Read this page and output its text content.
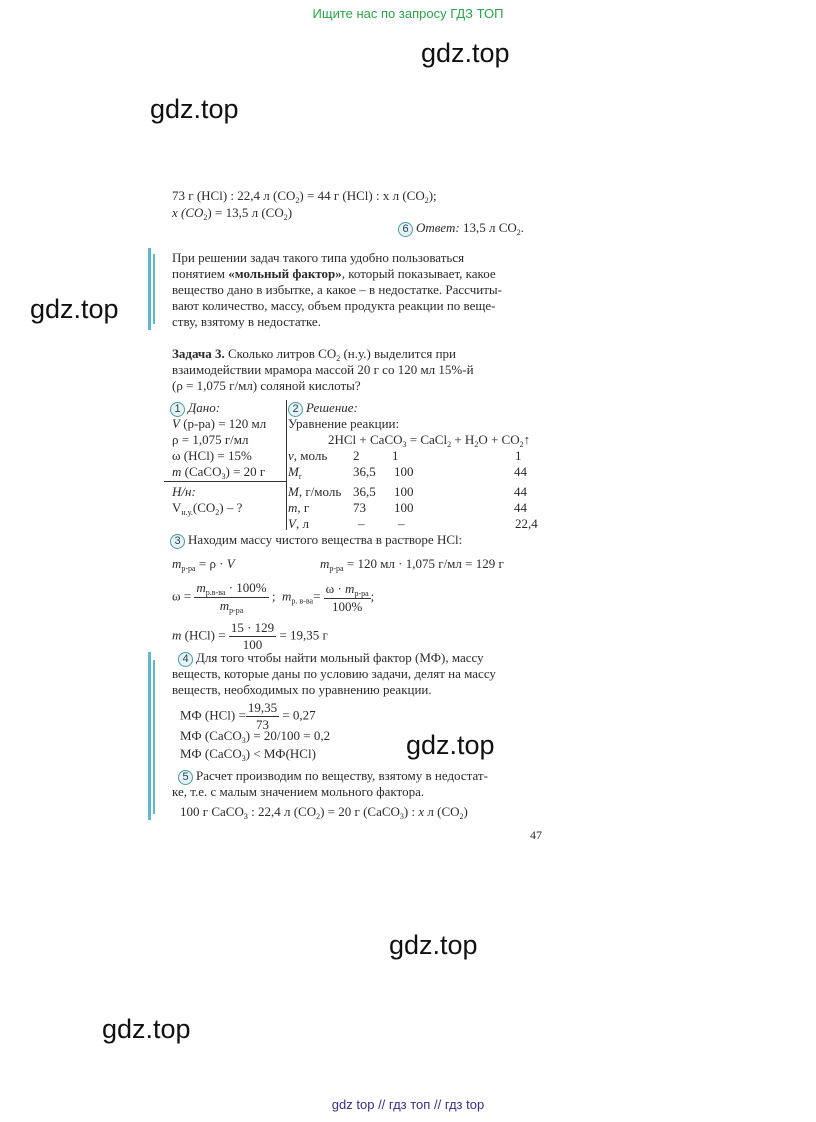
Ищите нас по запросу ГДЗ ТОП
gdz.top
gdz.top
gdz.top
gdz.top
gdz.top
gdz.top
73 г (HCl) : 22,4 л $(CO_2) = 44$ г (HCl) : x л $(CO_2)$;
x $(CO_2) = 13,5$ л $(CO_2)$
6 Ответ: 13,5 л $CO_2$.
При решении задач такого типа удобно пользоваться
понятием «мольный фактор», который показывает, какое
вещество дано в избытке, а какое – в недостатке. Рассчиты-
вают количество, массу, объем продукта реакции по веще-
ству, взятому в недостатке.
Задача 3. Сколько литров $CO_2$ (н.у.) выделится при
взаимодействии мрамора массой 20 г со 120 мл 15%-й
(ρ = 1,075 г/мл) соляной кислоты?
1 Дано:
V (р-ра) = 120 мл
ρ = 1,075 г/мл
ω (HCl) = 15%
m (CaCO$_3$) = 20 г
Н/н:
$V_{н.у.}(CO_2)$ – ?
2 Решение:
Уравнение реакции:
2HCl + CaCO$_3$ = CaCl$_2$ + $H_2O$ + $CO_2↑$
ν, моль 2	1	1
$M_r$	36,5 100	44
M, г/моль 36,5 100	44
m, г	73 100	44
V, л	–	–	22,4
3 Находим массу чистого вещества в растворе HCl:
$m_{р-ра} = \rho \cdot V$	$m_{р-ра} = 120$ мл · 1,075 г/мл = 129 г
$\omega = \frac{m_{р.в-ва} \cdot 100\%}{m_{р-ра}}$ ;  $m_{р. в-ва}= \frac{\omega \cdot m_{р-ра}}{100\%}$ ;
m $(HCl) = \frac{15 \cdot 129}{100} = 19,35$ г
4 Для того чтобы найти мольный фактор (МФ), массу
веществ, которые даны по условию задачи, делят на массу
веществ, необходимых по уравнению реакции.
МФ $(HCl) = \frac{19,35}{73} = 0,27$
МФ (CaCO$_3$) = 20/100 = 0,2
МФ (CaCO$_3$) < МФ(HCl)
5 Расчет производим по веществу, взятому в недостат-
ке, т.е. с малым значением мольного фактора.
100 г CaCO$_3$ : 22,4 л $(CO_2) = 20$ г (CaCO$_3$) : x л $(CO_2)$
47
gdz top // гдз топ // гдз top
